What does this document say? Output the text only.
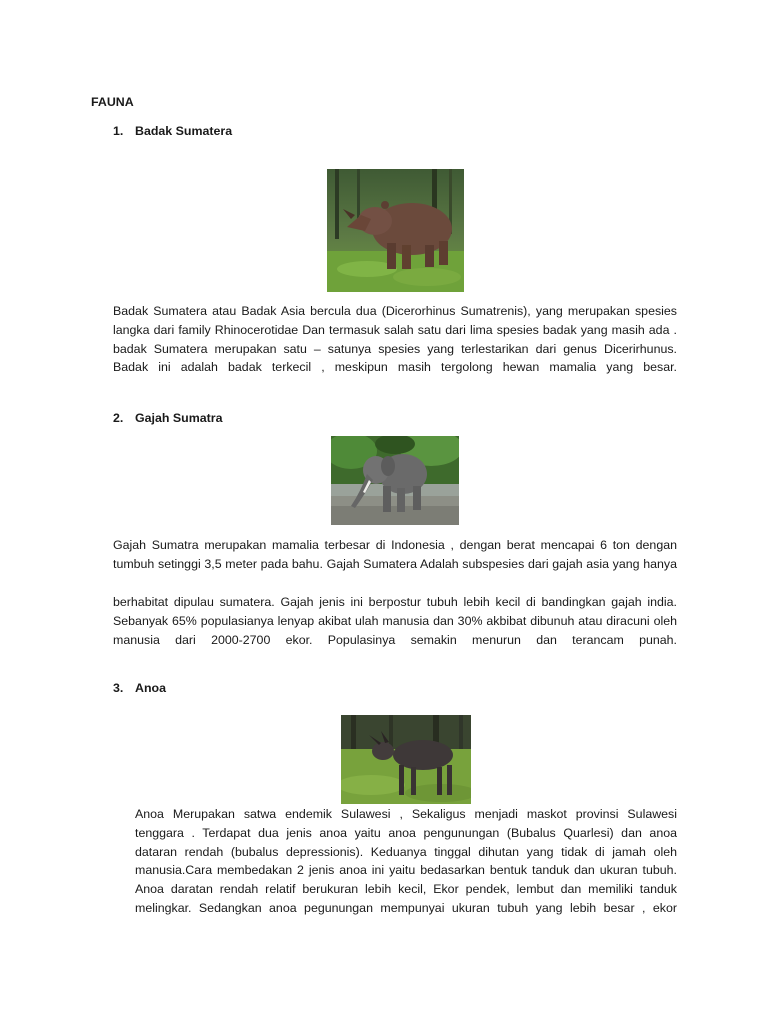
FAUNA
1. Badak Sumatera
Badak Sumatera atau Badak Asia bercula dua (Dicerorhinus Sumatrenis), yang merupakan spesies
langka dari family Rhinocerotidae Dan termasuk salah satu dari lima spesies badak yang masih ada .
badak Sumatera merupakan satu – satunya spesies yang terlestarikan dari genus Dicerirhunus.
Badak ini adalah badak terkecil , meskipun masih tergolong hewan mamalia yang besar.
2. Gajah Sumatra
Gajah Sumatra merupakan mamalia terbesar di Indonesia , dengan berat mencapai 6 ton dengan
tumbuh setinggi 3,5 meter pada bahu. Gajah Sumatera Adalah subspesies dari gajah asia yang hanya
berhabitat dipulau sumatera. Gajah jenis ini berpostur tubuh lebih kecil di bandingkan gajah india.
Sebanyak 65% populasianya lenyap akibat ulah manusia dan 30% akbibat dibunuh atau diracuni oleh
manusia dari 2000-2700 ekor. Populasinya semakin menurun dan terancam punah.
3. Anoa
Anoa Merupakan satwa endemik Sulawesi , Sekaligus menjadi maskot provinsi Sulawesi
tenggara . Terdapat dua jenis anoa yaitu anoa pengunungan (Bubalus Quarlesi) dan anoa
dataran rendah (bubalus depressionis). Keduanya tinggal dihutan yang tidak di jamah oleh
manusia.Cara membedakan 2 jenis anoa ini yaitu bedasarkan bentuk tanduk dan ukuran tubuh.
Anoa daratan rendah relatif berukuran lebih kecil, Ekor pendek, lembut dan memiliki tanduk
melingkar. Sedangkan anoa pegunungan mempunyai ukuran tubuh yang lebih besar , ekor
